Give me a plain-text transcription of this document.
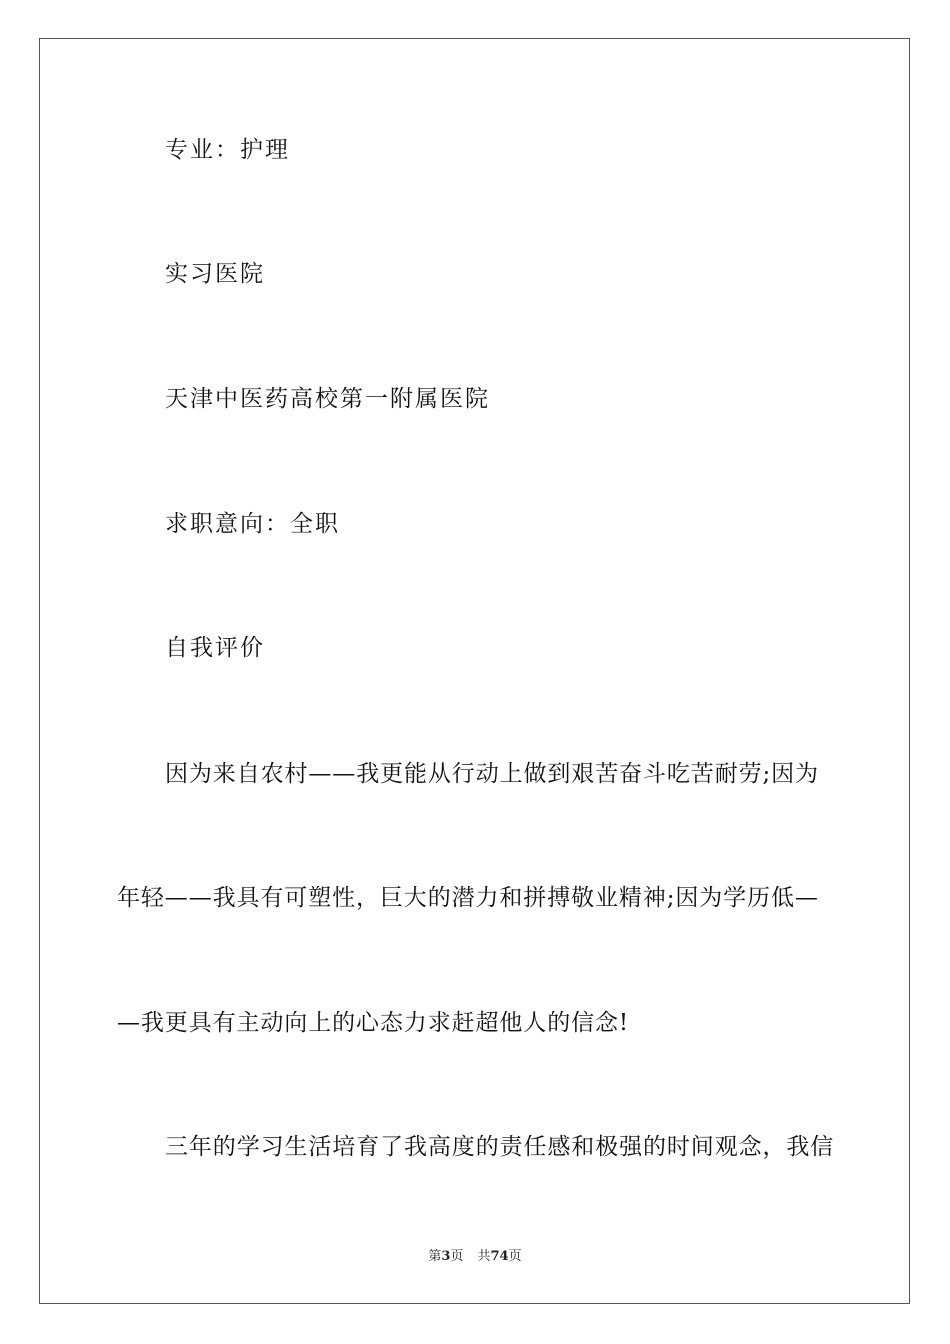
专业：护理
实习医院
天津中医药高校第一附属医院
求职意向：全职
自我评价
因为来自农村——我更能从行动上做到艰苦奋斗吃苦耐劳;因为
年轻——我具有可塑性，巨大的潜力和拼搏敬业精神;因为学历低—
—我更具有主动向上的心态力求赶超他人的信念!
三年的学习生活培育了我高度的责任感和极强的时间观念，我信
第3页 共74页
